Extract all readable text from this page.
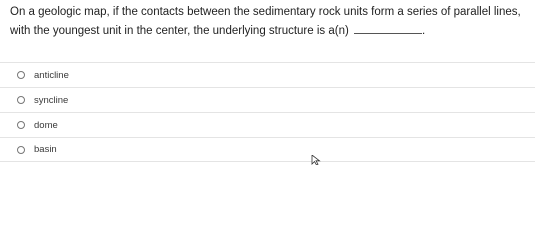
On a geologic map, if the contacts between the sedimentary rock units form a series of parallel lines,
with the youngest unit in the center, the underlying structure is a(n)	.
anticline
syncline
dome
basin
